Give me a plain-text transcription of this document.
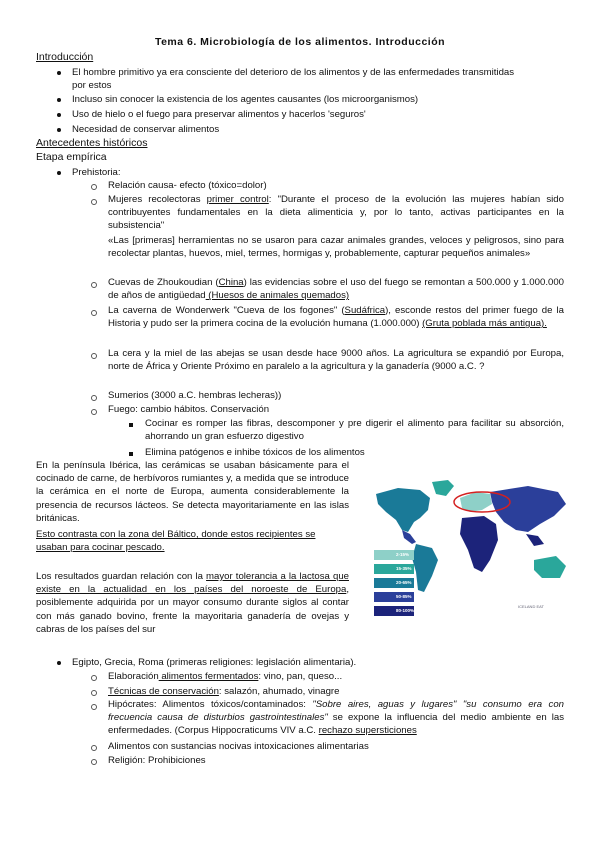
Tema 6. Microbiología de los alimentos. Introducción
Introducción
El hombre primitivo ya era consciente del deterioro de los alimentos y de las enfermedades transmitidas
por estos
Incluso sin conocer la existencia de los agentes causantes (los microorganismos)
Uso de hielo o el fuego para preservar alimentos y hacerlos 'seguros'
Necesidad de conservar alimentos
Antecedentes históricos
Etapa empírica
Prehistoria:
Relación causa- efecto (tóxico=dolor)
Mujeres recolectoras primer control: "Durante el proceso de la evolución las mujeres habían sido contribuyentes fundamentales en la dieta alimenticia y, por lo tanto, activas participantes en la subsistencia"
«Las [primeras] herramientas no se usaron para cazar animales grandes, veloces y peligrosos, sino para recolectar plantas, huevos, miel, termes, hormigas y, probablemente, capturar pequeños animales»
Cuevas de Zhoukoudian (China) las evidencias sobre el uso del fuego se remontan a 500.000 y 1.000.000 de años de antigüedad (Huesos de animales quemados)
La caverna de Wonderwerk "Cueva de los fogones" (Sudáfrica), esconde restos del primer fuego de la Historia y pudo ser la primera cocina de la evolución humana (1.000.000) (Gruta poblada más antigua).
La cera y la miel de las abejas se usan desde hace 9000 años. La agricultura se expandió por Europa, norte de África y Oriente Próximo en paralelo a la agricultura y la ganadería (9000 a.C. ?
Sumerios (3000 a.C. hembras lecheras))
Fuego: cambio hábitos. Conservación
Cocinar es romper las fibras, descomponer y pre digerir el alimento para facilitar su absorción, ahorrando un gran esfuerzo digestivo
Elimina patógenos e inhibe tóxicos de los alimentos
En la península Ibérica, las cerámicas se usaban básicamente para el cocinado de carne, de herbívoros rumiantes y, a medida que se introduce la cerámica en el norte de Europa, aumenta considerablemente la presencia de recursos lácteos. Se detecta mayoritariamente en las islas británicas.
Esto contrasta con la zona del Báltico, donde estos recipientes se usaban para cocinar pescado.
Los resultados guardan relación con la mayor tolerancia a la lactosa que existe en la actualidad en los países del noroeste de Europa, posiblemente adquirida por un mayor consumo durante siglos al contar con más ganado bovino, frente la mayoritaria ganadería de ovejas y cabras de los países del sur
2-15%
15-35%
20-65%
50-85%
80-100%
ICELAND EAT
Egipto, Grecia, Roma (primeras religiones: legislación alimentaria).
Elaboración alimentos fermentados: vino, pan, queso...
Técnicas de conservación: salazón, ahumado, vinagre
Hipócrates: Alimentos tóxicos/contaminados: "Sobre aires, aguas y lugares" "su consumo era con frecuencia causa de disturbios gastrointestinales" se expone la influencia del medio ambiente en las enfermedades. (Corpus Hippocraticums VIV a.C. rechazo supersticiones
Alimentos con sustancias nocivas intoxicaciones alimentarias
Religión: Prohibiciones
